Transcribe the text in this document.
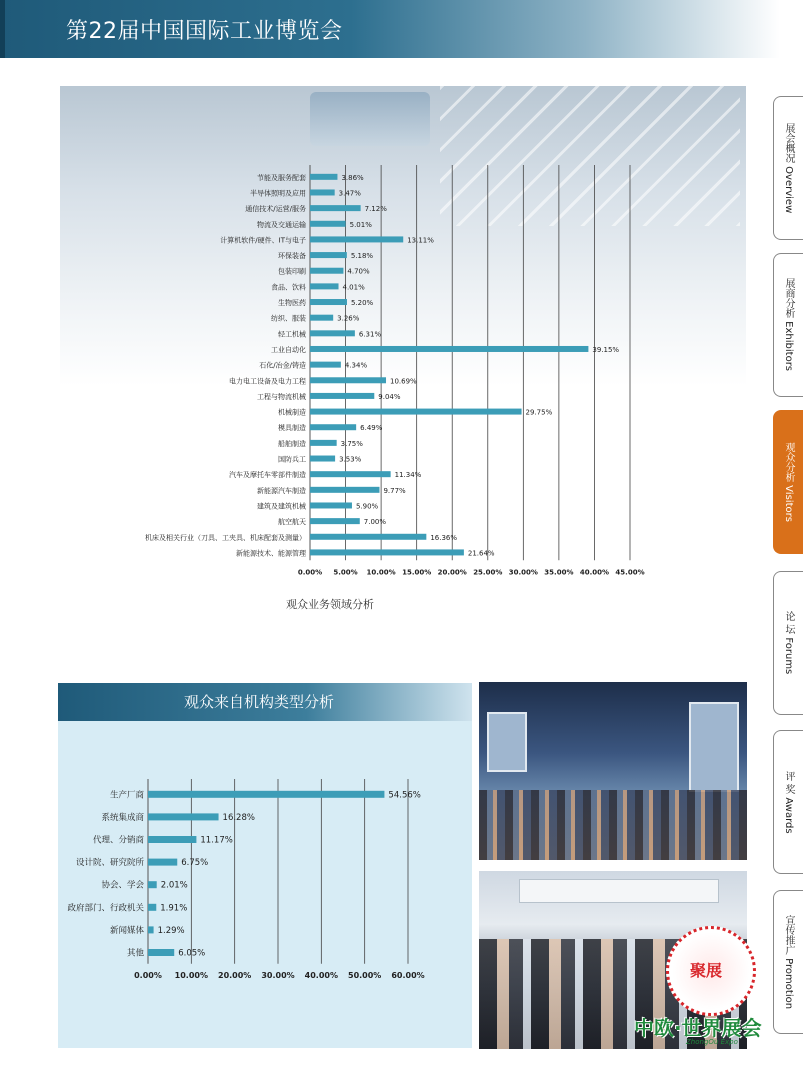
第22届中国国际工业博览会
展会概况 Overview
展商分析 Exhibitors
观众分析 Visitors
论 坛 Forums
评 奖 Awards
宣传推广 Promotion
0.00% 5.00% 10.00% 15.00% 20.00% 25.00% 30.00% 35.00% 40.00% 45.00%
节能及服务配套	3.86%
半导体照明及应用	3.47%
通信技术/运营/服务	7.12%
物流及交通运输	5.01%
计算机软件/硬件、IT与电子	13.11%
环保装备	5.18%
包装印刷	4.70%
食品、饮料	4.01%
生物医药	5.20%
纺织、服装	3.26%
轻工机械	6.31%
工业自动化	39.15%
石化/冶金/铸造	4.34%
电力电工设备及电力工程	10.69%
工程与物流机械	9.04%
机械制造	29.75%
模具制造	6.49%
船舶制造	3.75%
国防兵工	3.53%
汽车及摩托车零部件制造	11.34%
新能源汽车制造	9.77%
建筑及建筑机械	5.90%
航空航天	7.00%
机床及相关行业（刀具、工夹具、机床配套及测量）	16.36%
新能源技术、能源管理	21.64%
观众业务领域分析
观众来自机构类型分析
0.00% 10.00% 20.00% 30.00% 40.00% 50.00% 60.00%
生产厂商	54.56%
系统集成商	16.28%
代理、分销商	11.17%
设计院、研究院所	6.75%
协会、学会 2.01%
政府部门、行政机关 1.91%
新闻媒体 1.29%
其他	6.05%
聚展
中欧·世界展会
ZhongOu Expo
